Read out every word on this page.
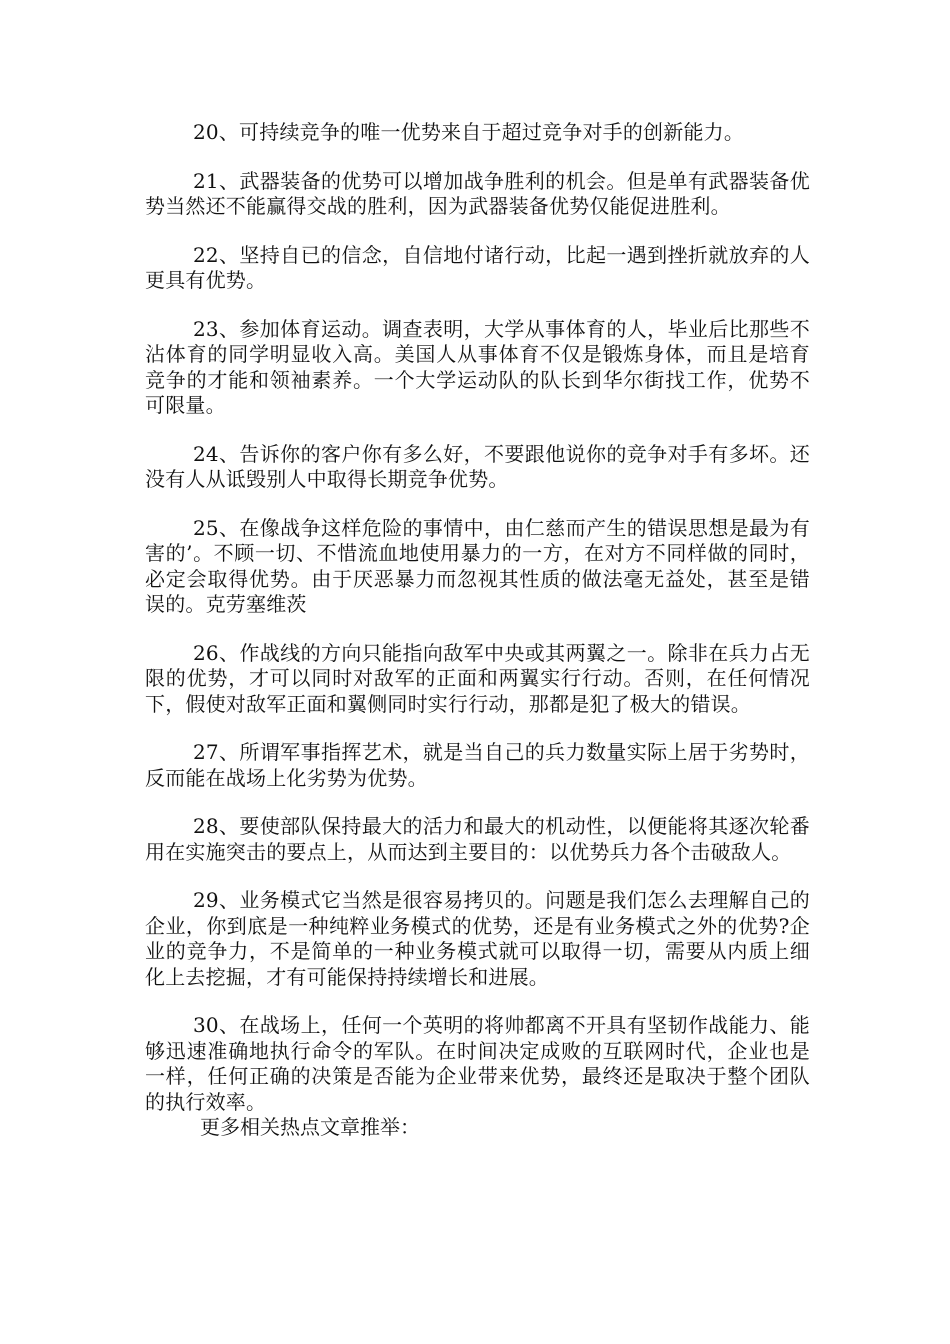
20、可持续竞争的唯一优势来自于超过竞争对手的创新能力。

21、武器装备的优势可以增加战争胜利的机会。但是单有武器装备优势当然还不能赢得交战的胜利，因为武器装备优势仅能促进胜利。

22、坚持自已的信念，自信地付诸行动，比起一遇到挫折就放弃的人更具有优势。

23、参加体育运动。调查表明，大学从事体育的人，毕业后比那些不沾体育的同学明显收入高。美国人从事体育不仅是锻炼身体，而且是培育竞争的才能和领袖素养。一个大学运动队的队长到华尔街找工作，优势不可限量。

24、告诉你的客户你有多么好，不要跟他说你的竞争对手有多坏。还没有人从诋毁别人中取得长期竞争优势。

25、在像战争这样危险的事情中，由仁慈而产生的错误思想是最为有害的’。不顾一切、不惜流血地使用暴力的一方，在对方不同样做的同时，必定会取得优势。由于厌恶暴力而忽视其性质的做法毫无益处，甚至是错误的。克劳塞维茨

26、作战线的方向只能指向敌军中央或其两翼之一。除非在兵力占无限的优势，才可以同时对敌军的正面和两翼实行行动。否则，在任何情况下，假使对敌军正面和翼侧同时实行行动，那都是犯了极大的错误。

27、所谓军事指挥艺术，就是当自己的兵力数量实际上居于劣势时，反而能在战场上化劣势为优势。

28、要使部队保持最大的活力和最大的机动性，以便能将其逐次轮番用在实施突击的要点上，从而达到主要目的：以优势兵力各个击破敌人。

29、业务模式它当然是很容易拷贝的。问题是我们怎么去理解自己的企业，你到底是一种纯粹业务模式的优势，还是有业务模式之外的优势?企业的竞争力，不是简单的一种业务模式就可以取得一切，需要从内质上细化上去挖掘，才有可能保持持续增长和进展。

30、在战场上，任何一个英明的将帅都离不开具有坚韧作战能力、能够迅速准确地执行命令的军队。在时间决定成败的互联网时代，企业也是一样，任何正确的决策是否能为企业带来优势，最终还是取决于整个团队的执行效率。

更多相关热点文章推举：
